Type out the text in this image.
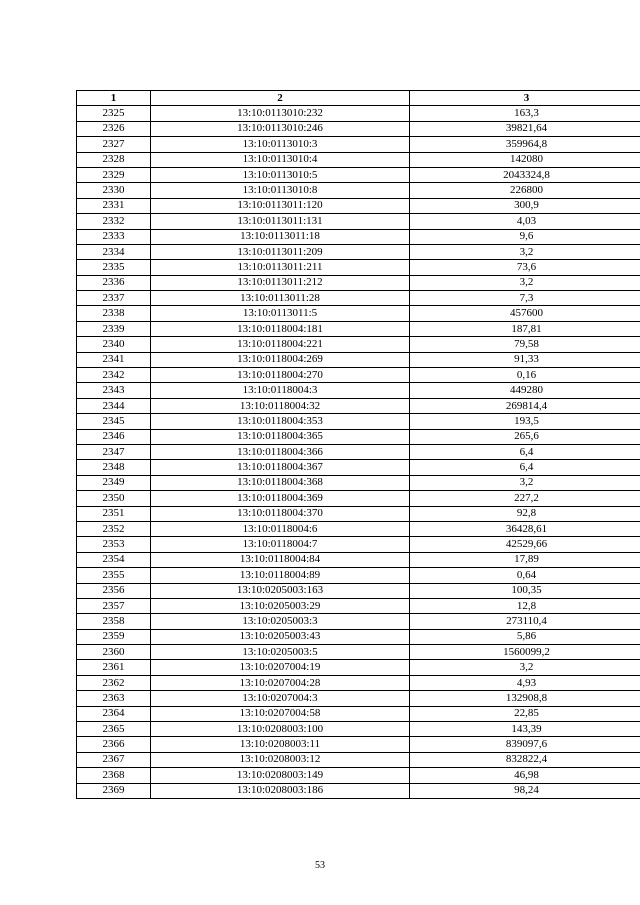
1	2	3
2325	13:10:0113010:232	163,3
2326	13:10:0113010:246	39821,64
2327	13:10:0113010:3	359964,8
2328	13:10:0113010:4	142080
2329	13:10:0113010:5	2043324,8
2330	13:10:0113010:8	226800
2331	13:10:0113011:120	300,9
2332	13:10:0113011:131	4,03
2333	13:10:0113011:18	9,6
2334	13:10:0113011:209	3,2
2335	13:10:0113011:211	73,6
2336	13:10:0113011:212	3,2
2337	13:10:0113011:28	7,3
2338	13:10:0113011:5	457600
2339	13:10:0118004:181	187,81
2340	13:10:0118004:221	79,58
2341	13:10:0118004:269	91,33
2342	13:10:0118004:270	0,16
2343	13:10:0118004:3	449280
2344	13:10:0118004:32	269814,4
2345	13:10:0118004:353	193,5
2346	13:10:0118004:365	265,6
2347	13:10:0118004:366	6,4
2348	13:10:0118004:367	6,4
2349	13:10:0118004:368	3,2
2350	13:10:0118004:369	227,2
2351	13:10:0118004:370	92,8
2352	13:10:0118004:6	36428,61
2353	13:10:0118004:7	42529,66
2354	13:10:0118004:84	17,89
2355	13:10:0118004:89	0,64
2356	13:10:0205003:163	100,35
2357	13:10:0205003:29	12,8
2358	13:10:0205003:3	273110,4
2359	13:10:0205003:43	5,86
2360	13:10:0205003:5	1560099,2
2361	13:10:0207004:19	3,2
2362	13:10:0207004:28	4,93
2363	13:10:0207004:3	132908,8
2364	13:10:0207004:58	22,85
2365	13:10:0208003:100	143,39
2366	13:10:0208003:11	839097,6
2367	13:10:0208003:12	832822,4
2368	13:10:0208003:149	46,98
2369	13:10:0208003:186	98,24
53
